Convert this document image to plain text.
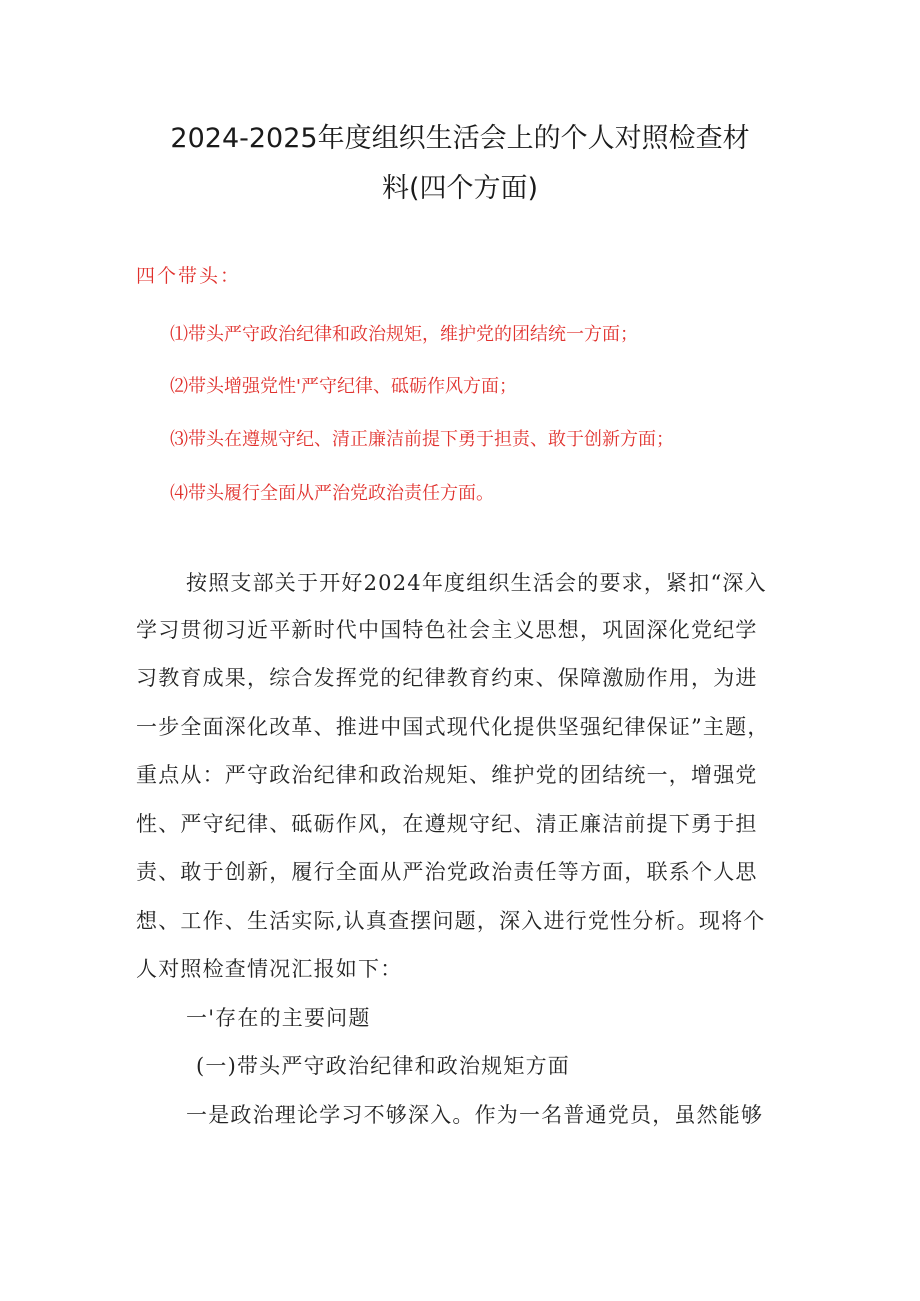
2024-2025年度组织生活会上的个人对照检查材
料(四个方面)
四个带头：
⑴带头严守政治纪律和政治规矩，维护党的团结统一方面；
⑵带头增强党性'严守纪律、砥砺作风方面；
⑶带头在遵规守纪、清正廉洁前提下勇于担责、敢于创新方面；
⑷带头履行全面从严治党政治责任方面。
按照支部关于开好2024年度组织生活会的要求，紧扣“深入
学习贯彻习近平新时代中国特色社会主义思想，巩固深化党纪学
习教育成果，综合发挥党的纪律教育约束、保障激励作用，为进
一步全面深化改革、推进中国式现代化提供坚强纪律保证”主题，
重点从：严守政治纪律和政治规矩、维护党的团结统一，增强党
性、严守纪律、砥砺作风，在遵规守纪、清正廉洁前提下勇于担
责、敢于创新，履行全面从严治党政治责任等方面，联系个人思
想、工作、生活实际,认真查摆问题，深入进行党性分析。现将个
人对照检查情况汇报如下：
一'存在的主要问题
(一)带头严守政治纪律和政治规矩方面
一是政治理论学习不够深入。作为一名普通党员，虽然能够
